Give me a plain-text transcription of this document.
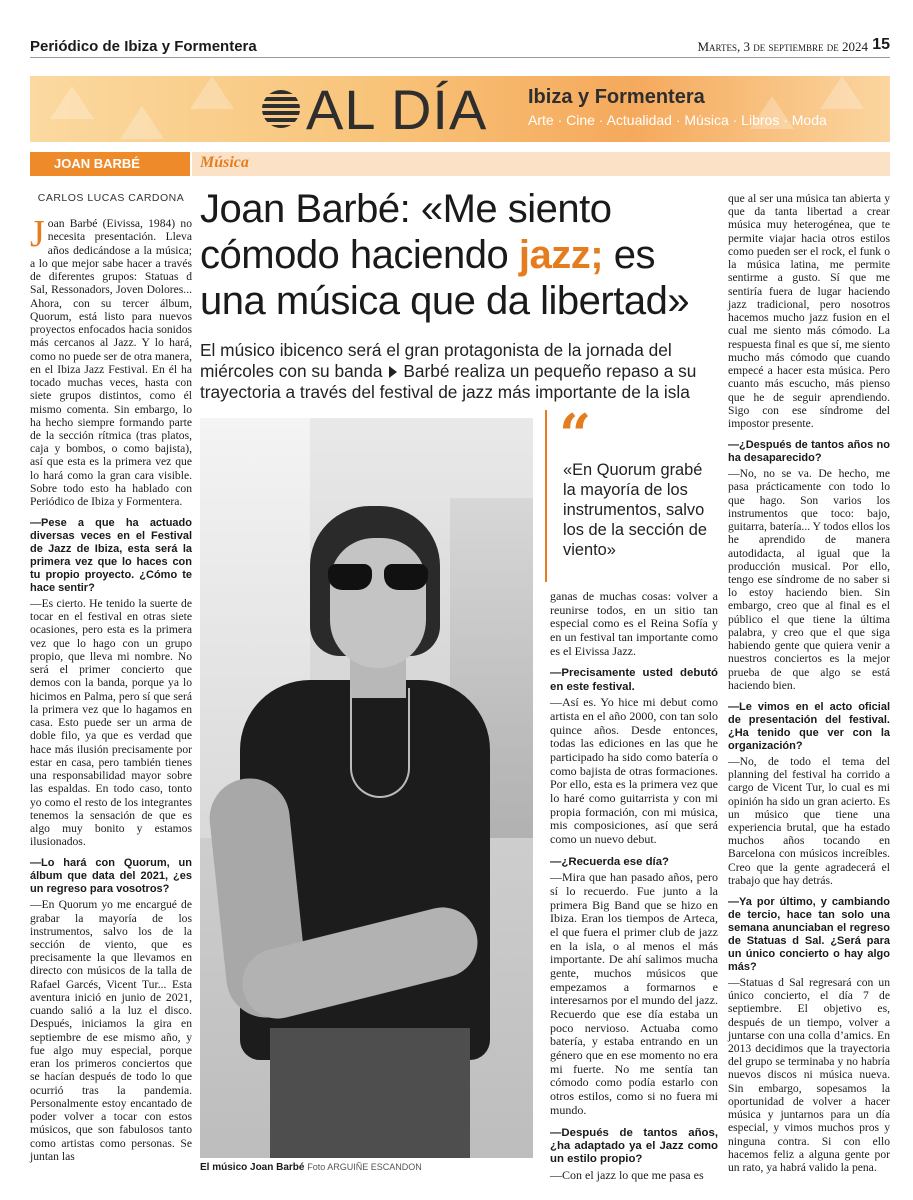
Periódico de Ibiza y Formentera	Martes, 3 de septiembre de 2024 15
AL DÍA Ibiza y Formentera
Arte · Cine · Actualidad · Música · Libros · Moda
JOAN BARBÉ	Música
CARLOS LUCAS CARDONA
J oan Barbé (Eivissa, 1984) no necesita presentación. Lleva años dedicándose a la música; a lo que mejor sabe hacer a través de diferentes grupos: Statuas d Sal, Ressonadors, Joven Dolores... Ahora, con su tercer álbum, Quorum, está listo para nuevos proyectos enfocados hacia sonidos más cercanos al Jazz. Y lo hará, como no puede ser de otra manera, en el Ibiza Jazz Festival. En él ha tocado muchas veces, hasta con siete grupos distintos, como él mismo comenta. Sin embargo, lo ha hecho siempre formando parte de la sección rítmica (tras platos, caja y bombos, o como bajista), así que esta es la primera vez que lo hará como la gran cara visible. Sobre todo esto ha hablado con Periódico de Ibiza y Formentera.

—Pese a que ha actuado diversas veces en el Festival de Jazz de Ibiza, esta será la primera vez que lo haces con tu propio proyecto. ¿Cómo te hace sentir?

—Es cierto. He tenido la suerte de tocar en el festival en otras siete ocasiones, pero esta es la primera vez que lo hago con un grupo propio, que lleva mi nombre. No será el primer concierto que demos con la banda, porque ya lo hicimos en Palma, pero sí que será la primera vez que lo hagamos en casa. Esto puede ser un arma de doble filo, ya que es verdad que hace más ilusión precisamente por estar en casa, pero también tienes una responsabilidad mayor sobre las espaldas. En todo caso, tonto yo como el resto de los integrantes tenemos la sensación de que es algo muy bonito y estamos ilusionados.

—Lo hará con Quorum, un álbum que data del 2021, ¿es un regreso para vosotros?

—En Quorum yo me encargué de grabar la mayoría de los instrumentos, salvo los de la sección de viento, que es precisamente la que llevamos en directo con músicos de la talla de Rafael Garcés, Vicent Tur... Esta aventura inició en junio de 2021, cuando salió a la luz el disco. Después, iniciamos la gira en septiembre de ese mismo año, y fue algo muy especial, porque eran los primeros conciertos que se hacían después de todo lo que ocurrió tras la pandemia. Personalmente estoy encantado de poder volver a tocar con estos músicos, que son fabulosos tanto como artistas como personas. Se juntan las

Joan Barbé: «Me siento cómodo haciendo jazz; es una música que da libertad»
El músico ibicenco será el gran protagonista de la jornada del miércoles con su banda Barbé realiza un pequeño repaso a su trayectoria a través del festival de jazz más importante de la isla
El músico Joan Barbé Foto ARGUIÑE ESCANDON
“
«En Quorum grabé la mayoría de los instrumentos, salvo los de la sección de viento»

ganas de muchas cosas: volver a reunirse todos, en un sitio tan especial como es el Reina Sofía y en un festival tan importante como es el Eivissa Jazz.

—Precisamente usted debutó en este festival.

—Así es. Yo hice mi debut como artista en el año 2000, con tan solo quince años. Desde entonces, todas las ediciones en las que he participado ha sido como batería o como bajista de otras formaciones. Por ello, esta es la primera vez que lo haré como guitarrista y con mi propia formación, con mi música, mis composiciones, así que será como un nuevo debut.

—¿Recuerda ese día?

—Mira que han pasado años, pero sí lo recuerdo. Fue junto a la primera Big Band que se hizo en Ibiza. Eran los tiempos de Arteca, el que fuera el primer club de jazz en la isla, o al menos el más importante. De ahí salimos mucha gente, muchos músicos que empezamos a formarnos e interesarnos por el mundo del jazz. Recuerdo que ese día estaba un poco nervioso. Actuaba como batería, y estaba entrando en un género que en ese momento no era mi fuerte. No me sentía tan cómodo como podía estarlo con otros estilos, como si no fuera mi mundo.

—Después de tantos años, ¿ha adaptado ya el Jazz como un estilo propio?

—Con el jazz lo que me pasa es

que al ser una música tan abierta y que da tanta libertad a crear música muy heterogénea, que te permite viajar hacia otros estilos como pueden ser el rock, el funk o la música latina, me permite sentirme a gusto. Sí que me sentiría fuera de lugar haciendo jazz tradicional, pero nosotros hacemos mucho jazz fusion en el cual me siento más cómodo. La respuesta final es que sí, me siento mucho más cómodo que cuando empecé a hacer esta música. Pero cuanto más escucho, más pienso que he de seguir aprendiendo. Sigo con ese síndrome del impostor presente.

—¿Después de tantos años no ha desaparecido?

—No, no se va. De hecho, me pasa prácticamente con todo lo que hago. Son varios los instrumentos que toco: bajo, guitarra, batería... Y todos ellos los he aprendido de manera autodidacta, al igual que la producción musical. Por ello, tengo ese síndrome de no saber si lo estoy haciendo bien. Sin embargo, creo que al final es el público el que tiene la última palabra, y creo que el que siga habiendo gente que quiera venir a nuestros conciertos es la mejor prueba de que algo se está haciendo bien.

—Le vimos en el acto oficial de presentación del festival. ¿Ha tenido que ver con la organización?

—No, de todo el tema del planning del festival ha corrido a cargo de Vicent Tur, lo cual es mi opinión ha sido un gran acierto. Es un músico que tiene una experiencia brutal, que ha estado muchos años tocando en Barcelona con músicos increíbles. Creo que la gente agradecerá el trabajo que hay detrás.

—Ya por último, y cambiando de tercio, hace tan solo una semana anunciaban el regreso de Statuas d Sal. ¿Será para un único concierto o hay algo más?

—Statuas d Sal regresará con un único concierto, el día 7 de septiembre. El objetivo es, después de un tiempo, volver a juntarse con una colla d’amics. En 2013 decidimos que la trayectoria del grupo se terminaba y no habría nuevos discos ni música nueva. Sin embargo, sopesamos la oportunidad de volver a hacer música y juntarnos para un día especial, y vimos muchos pros y ninguna contra. Si con ello hacemos feliz a alguna gente por un rato, ya habrá valido la pena.
